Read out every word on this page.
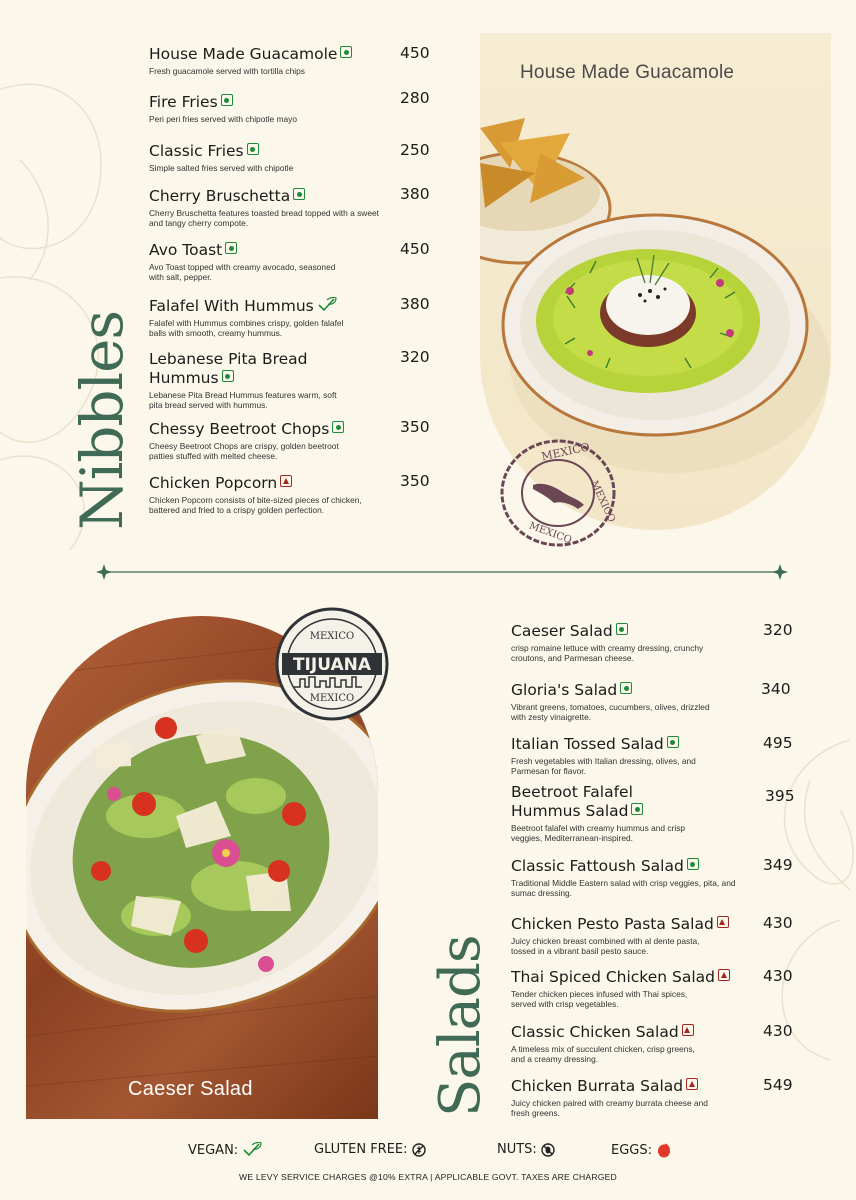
Nibbles
House Made Guacamole
Fresh guacamole served with tortilla chips
450
Fire Fries
Peri peri fries served with chipotle mayo
280
Classic Fries
Simple salted fries served with chipotle
250
Cherry Bruschetta
Cherry Bruschetta features toasted bread topped with a sweet and tangy cherry compote.
380
Avo Toast
Avo Toast topped with creamy avocado, seasoned with salt, pepper.
450
Falafel With Hummus
Falafel with Hummus combines crispy, golden falafel balls with smooth, creamy hummus.
380
Lebanese Pita Bread Hummus
Lebanese Pita Bread Hummus features warm, soft pita bread served with hummus.
320
Chessy Beetroot Chops
Cheesy Beetroot Chops are crispy, golden beetroot patties stuffed with melted cheese.
350
Chicken Popcorn
Chicken Popcorn consists of bite-sized pieces of chicken, battered and fried to a crispy golden perfection.
350
House Made Guacamole
MEXICO
MEXICO
MEXICO
Caeser Salad
TIJUANA
MEXICO
MEXICO
Salads
Caeser Salad
crisp romaine lettuce with creamy dressing, crunchy croutons, and Parmesan cheese.
320
Gloria's Salad
Vibrant greens, tomatoes, cucumbers, olives, drizzled with zesty vinaigrette.
340
Italian Tossed Salad
Fresh vegetables with Italian dressing, olives, and Parmesan for flavor.
495
Beetroot Falafel Hummus Salad
Beetroot falafel with creamy hummus and crisp veggies, Mediterranean-inspired.
395
Classic Fattoush Salad
Traditional Middle Eastern salad with crisp veggies, pita, and sumac dressing.
349
Chicken Pesto Pasta Salad
Juicy chicken breast combined with al dente pasta, tossed in a vibrant basil pesto sauce.
430
Thai Spiced Chicken Salad
Tender chicken pieces infused with Thai spices, served with crisp vegetables.
430
Classic Chicken Salad
A timeless mix of succulent chicken, crisp greens, and a creamy dressing.
430
Chicken Burrata Salad
Juicy chicken paired with creamy burrata cheese and fresh greens.
549
VEGAN:	GLUTEN FREE:	NUTS:	EGGS:
WE LEVY SERVICE CHARGES @10% EXTRA | APPLICABLE GOVT. TAXES ARE CHARGED
